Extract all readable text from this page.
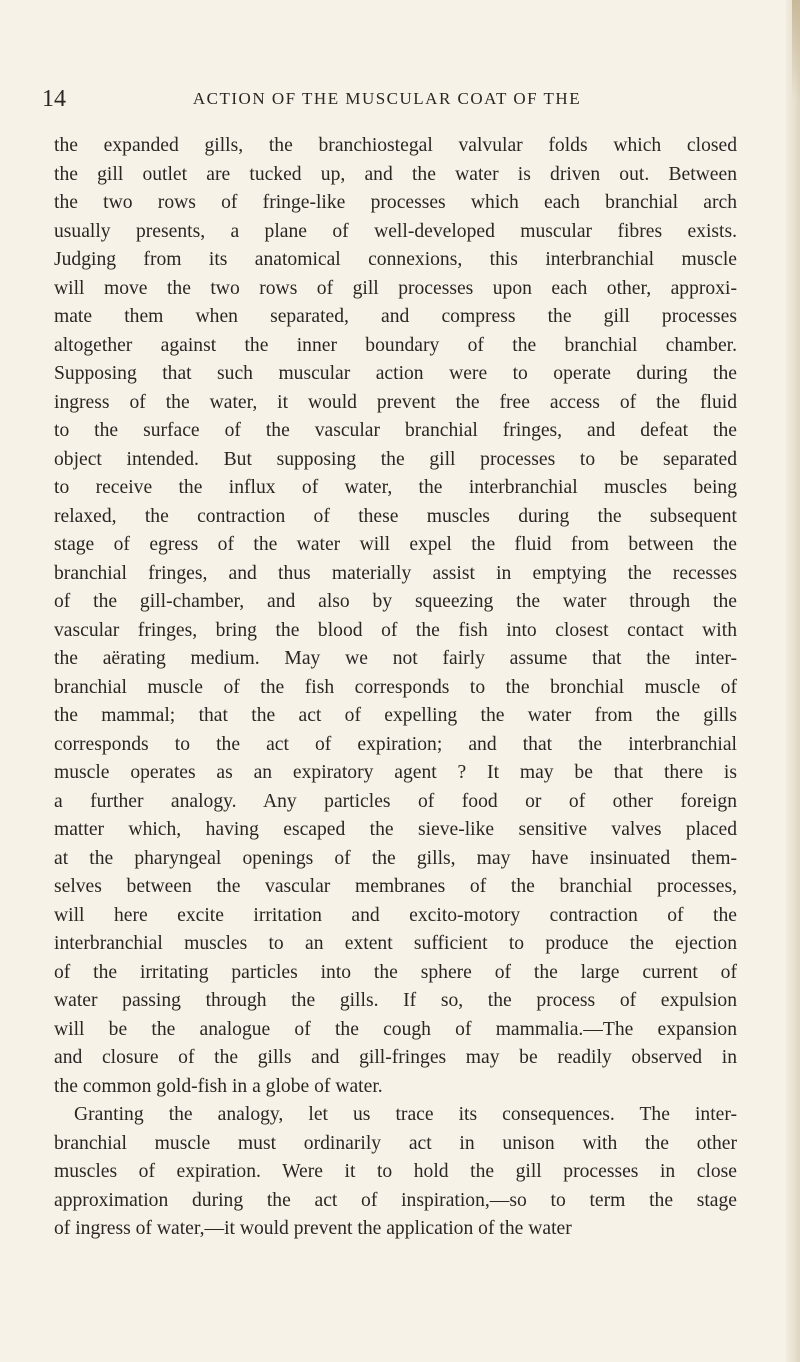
14	ACTION OF THE MUSCULAR COAT OF THE
the expanded gills, the branchiostegal valvular folds which closed
the gill outlet are tucked up, and the water is driven out. Between
the two rows of fringe-like processes which each branchial arch
usually presents, a plane of well-developed muscular fibres exists.
Judging from its anatomical connexions, this interbranchial muscle
will move the two rows of gill processes upon each other, approxi-
mate them when separated, and compress the gill processes
altogether against the inner boundary of the branchial chamber.
Supposing that such muscular action were to operate during the
ingress of the water, it would prevent the free access of the fluid
to the surface of the vascular branchial fringes, and defeat the
object intended. But supposing the gill processes to be separated
to receive the influx of water, the interbranchial muscles being
relaxed, the contraction of these muscles during the subsequent
stage of egress of the water will expel the fluid from between the
branchial fringes, and thus materially assist in emptying the recesses
of the gill-chamber, and also by squeezing the water through the
vascular fringes, bring the blood of the fish into closest contact with
the aërating medium. May we not fairly assume that the inter-
branchial muscle of the fish corresponds to the bronchial muscle of
the mammal; that the act of expelling the water from the gills
corresponds to the act of expiration; and that the interbranchial
muscle operates as an expiratory agent ? It may be that there is
a further analogy. Any particles of food or of other foreign
matter which, having escaped the sieve-like sensitive valves placed
at the pharyngeal openings of the gills, may have insinuated them-
selves between the vascular membranes of the branchial processes,
will here excite irritation and excito-motory contraction of the
interbranchial muscles to an extent sufficient to produce the ejection
of the irritating particles into the sphere of the large current of
water passing through the gills. If so, the process of expulsion
will be the analogue of the cough of mammalia.—The expansion
and closure of the gills and gill-fringes may be readily observed in
the common gold-fish in a globe of water.
Granting the analogy, let us trace its consequences. The inter-
branchial muscle must ordinarily act in unison with the other
muscles of expiration. Were it to hold the gill processes in close
approximation during the act of inspiration,—so to term the stage
of ingress of water,—it would prevent the application of the water
